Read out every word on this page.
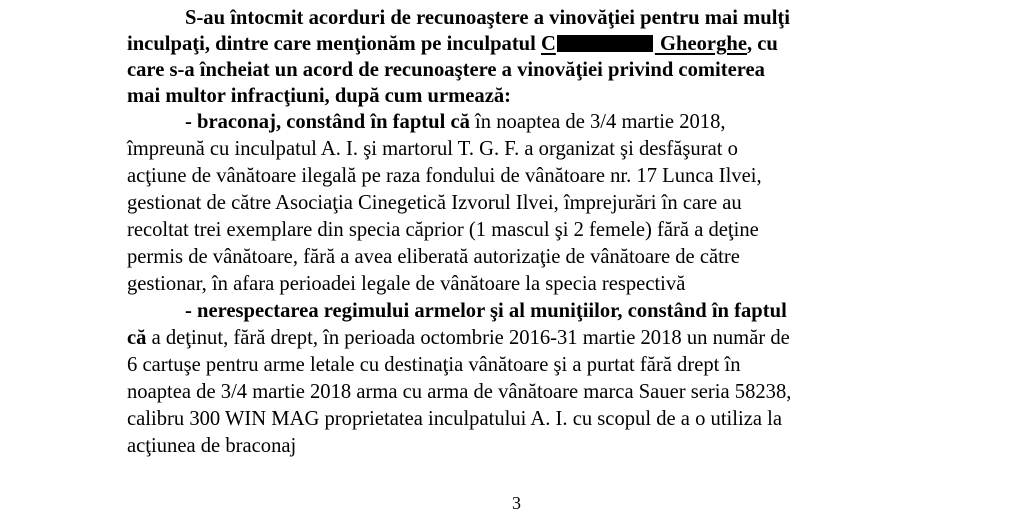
S-au întocmit acorduri de recunoaştere a vinovăţiei pentru mai mulţi
inculpaţi, dintre care menţionăm pe inculpatul C	Gheorghe, cu
care s-a încheiat un acord de recunoaştere a vinovăţiei privind comiterea
mai multor infracţiuni, după cum urmează:
- braconaj, constând în faptul că în noaptea de 3/4 martie 2018,
împreună cu inculpatul A. I. şi martorul T. G. F. a organizat şi desfăşurat o
acţiune de vânătoare ilegală pe raza fondului de vânătoare nr. 17 Lunca Ilvei,
gestionat de către Asociaţia Cinegetică Izvorul Ilvei, împrejurări în care au
recoltat trei exemplare din specia căprior (1 mascul şi 2 femele) fără a deţine
permis de vânătoare, fără a avea eliberată autorizaţie de vânătoare de către
gestionar, în afara perioadei legale de vânătoare la specia respectivă
- nerespectarea regimului armelor şi al muniţiilor, constând în faptul
că a deţinut, fără drept, în perioada octombrie 2016-31 martie 2018 un număr de
6 cartuşe pentru arme letale cu destinaţia vânătoare şi a purtat fără drept în
noaptea de 3/4 martie 2018 arma cu arma de vânătoare marca Sauer seria 58238,
calibru 300 WIN MAG proprietatea inculpatului A. I. cu scopul de a o utiliza la
acţiunea de braconaj
3
